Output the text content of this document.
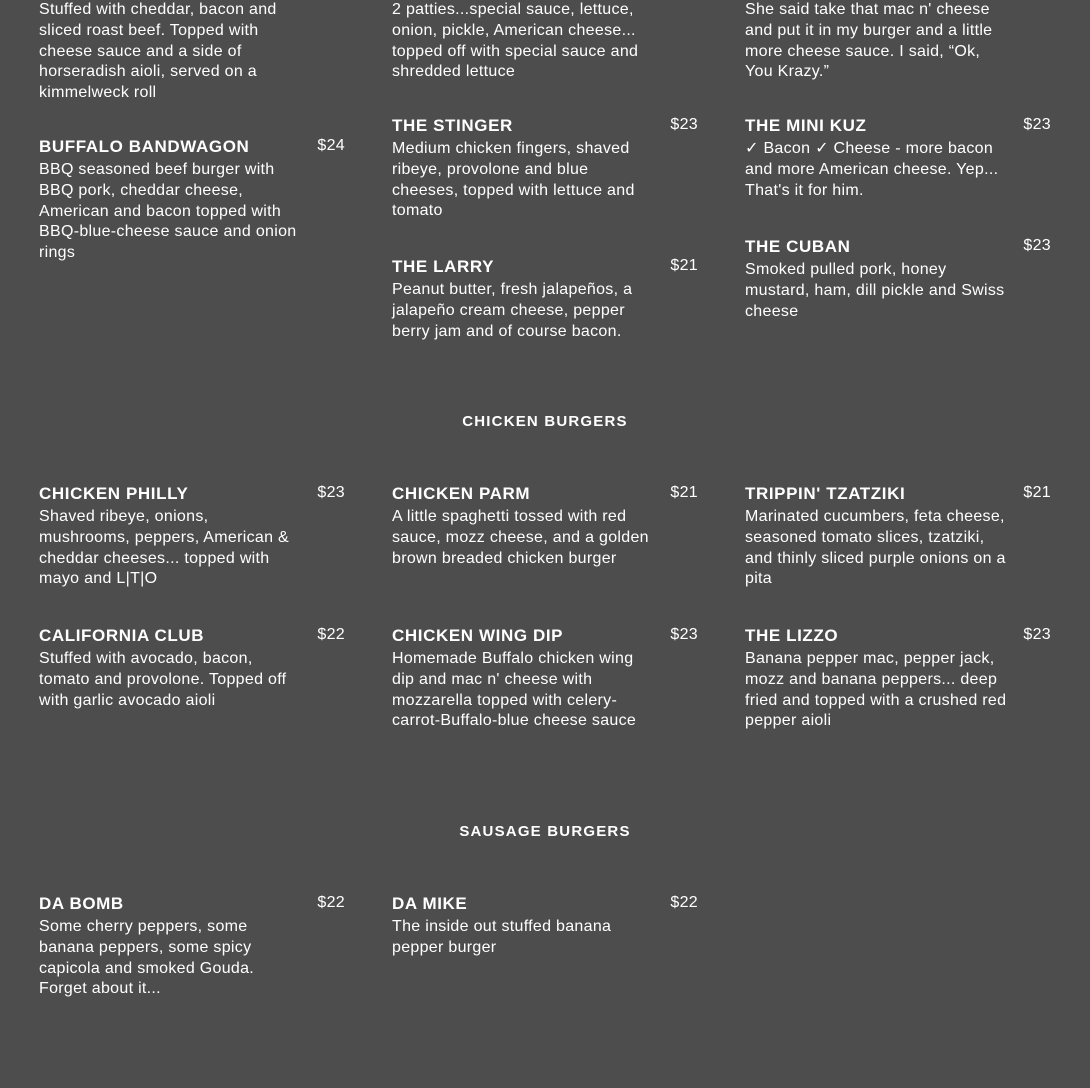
Stuffed with cheddar, bacon and sliced roast beef. Topped with cheese sauce and a side of horseradish aioli, served on a kimmelweck roll
2 patties...special sauce, lettuce, onion, pickle, American cheese... topped off with special sauce and shredded lettuce
She said take that mac n' cheese and put it in my burger and a little more cheese sauce. I said, “Ok, You Krazy.”
BUFFALO BANDWAGON	$24
BBQ seasoned beef burger with BBQ pork, cheddar cheese, American and bacon topped with BBQ-blue-cheese sauce and onion rings
THE STINGER	$23
Medium chicken fingers, shaved ribeye, provolone and blue cheeses, topped with lettuce and tomato
THE LARRY	$21
Peanut butter, fresh jalapeños, a jalapeño cream cheese, pepper berry jam and of course bacon.
THE MINI KUZ	$23
✓ Bacon ✓ Cheese - more bacon and more American cheese. Yep... That's it for him.
THE CUBAN	$23
Smoked pulled pork, honey mustard, ham, dill pickle and Swiss cheese
CHICKEN BURGERS
CHICKEN PHILLY	$23
Shaved ribeye, onions, mushrooms, peppers, American & cheddar cheeses... topped with mayo and L|T|O
CHICKEN PARM	$21
A little spaghetti tossed with red sauce, mozz cheese, and a golden brown breaded chicken burger
TRIPPIN' TZATZIKI	$21
Marinated cucumbers, feta cheese, seasoned tomato slices, tzatziki, and thinly sliced purple onions on a pita
CALIFORNIA CLUB	$22
Stuffed with avocado, bacon, tomato and provolone. Topped off with garlic avocado aioli
CHICKEN WING DIP	$23
Homemade Buffalo chicken wing dip and mac n' cheese with mozzarella topped with celery-carrot-Buffalo-blue cheese sauce
THE LIZZO	$23
Banana pepper mac, pepper jack, mozz and banana peppers... deep fried and topped with a crushed red pepper aioli
SAUSAGE BURGERS
DA BOMB	$22
Some cherry peppers, some banana peppers, some spicy capicola and smoked Gouda. Forget about it...
DA MIKE	$22
The inside out stuffed banana pepper burger
